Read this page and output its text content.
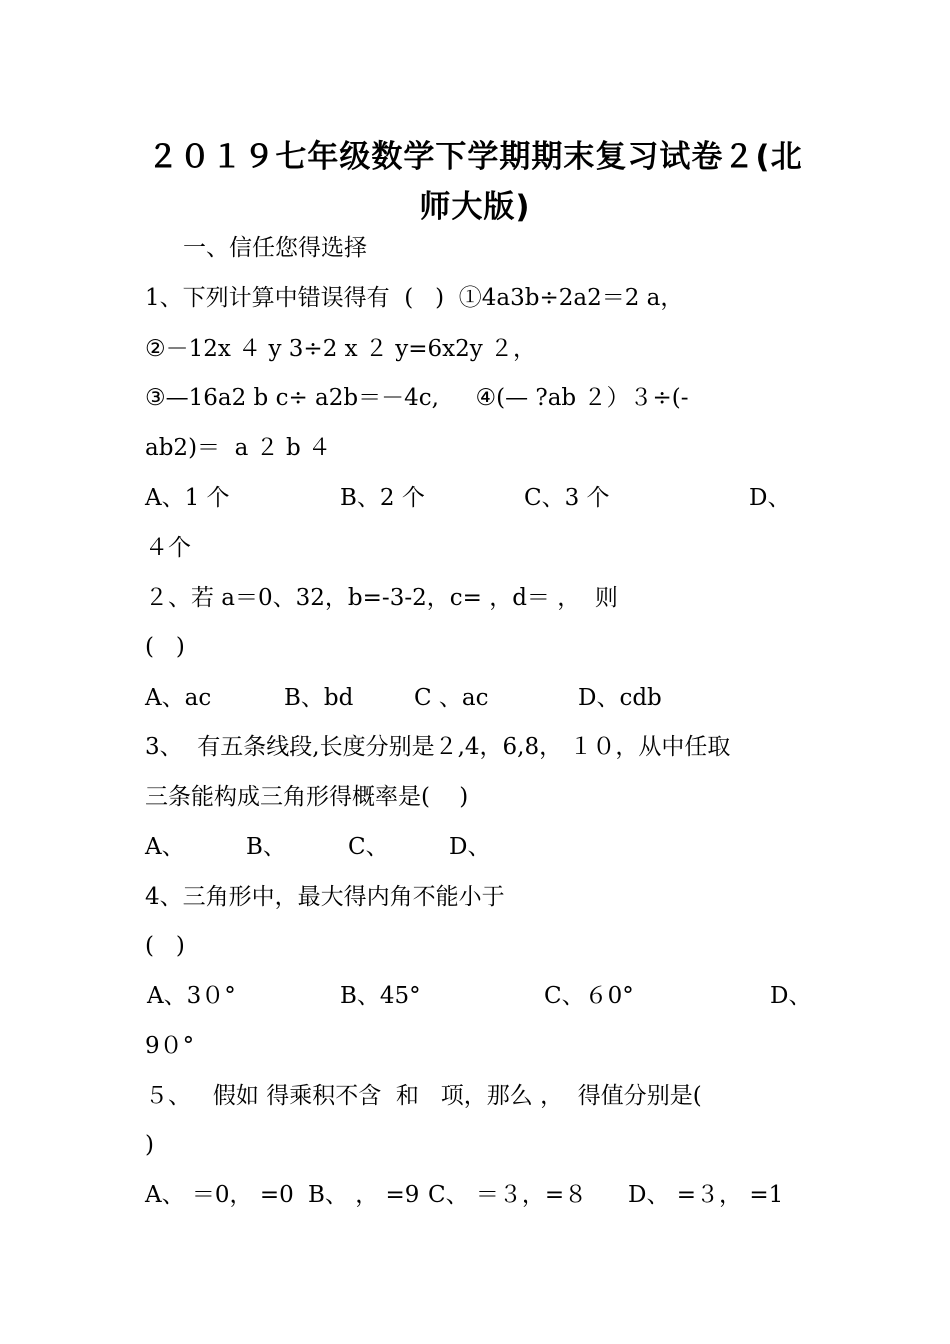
２０１９七年级数学下学期期末复习试卷２(北
师大版)
一、信任您得选择
1、下列计算中错误得有  (   )  ①4a3b÷2a2＝2 a，
②－12x ４ y 3÷2 x ２ y=6x2y ２，
③—16a2 b c÷ a2b＝－4c,     ④(— ?ab ２）３÷(-
ab2)＝  a ２ b ４
A、1 个	B、2 个	C、3 个	D、
４个
２、若 a＝0、32，b=-3-2，c= ，d＝ ，  则
(   )
A、ac	B、bd	C 、ac	D、cdb
3、  有五条线段,长度分别是２,4，6,8， １０，从中任取
三条能构成三角形得概率是(    )
A、	B、	C、	D、
4、三角形中，最大得内角不能小于
(   )
A、3０°	B、45°	C、６0°	D、
9０°
５、   假如 得乘积不含  和   项，那么 ，  得值分别是(
)
A、 ＝0， =0 B、 ， =9 C、 ＝３，=８ D、 =３， =1
